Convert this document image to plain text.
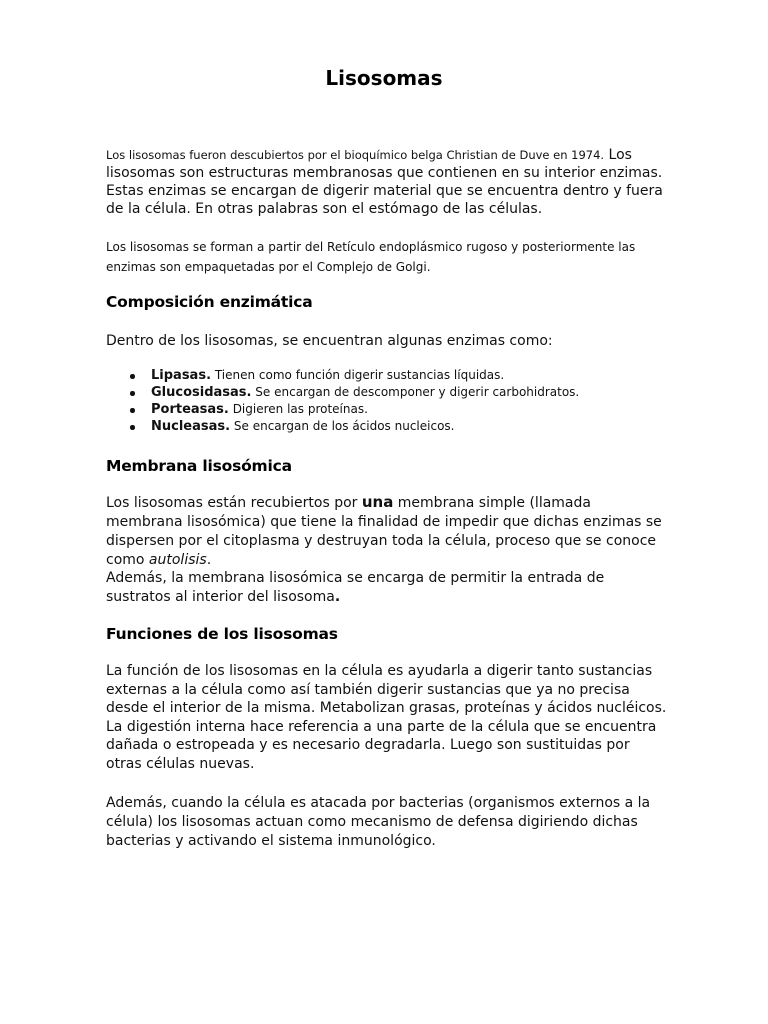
Lisosomas

Los lisosomas fueron descubiertos por el bioquímico belga Christian de Duve en 1974. Los lisosomas son estructuras membranosas que contienen en su interior enzimas. Estas enzimas se encargan de digerir material que se encuentra dentro y fuera de la célula. En otras palabras son el estómago de las células.

Los lisosomas se forman a partir del Retículo endoplásmico rugoso y posteriormente las enzimas son empaquetadas por el Complejo de Golgi.

Composición enzimática

Dentro de los lisosomas, se encuentran algunas enzimas como:

Lipasas. Tienen como función digerir sustancias líquidas.
Glucosidasas. Se encargan de descomponer y digerir carbohidratos.
Porteasas. Digieren las proteínas.
Nucleasas. Se encargan de los ácidos nucleicos.
Membrana lisosómica

Los lisosomas están recubiertos por una membrana simple (llamada membrana lisosómica) que tiene la finalidad de impedir que dichas enzimas se dispersen por el citoplasma y destruyan toda la célula, proceso que se conoce como autolisis.

Además, la membrana lisosómica se encarga de permitir la entrada de sustratos al interior del lisosoma.

Funciones de los lisosomas

La función de los lisosomas en la célula es ayudarla a digerir tanto sustancias externas a la célula como así también digerir sustancias que ya no precisa desde el interior de la misma. Metabolizan grasas, proteínas y ácidos nucléicos. La digestión interna hace referencia a una parte de la célula que se encuentra dañada o estropeada y es necesario degradarla. Luego son sustituidas por otras células nuevas.

Además, cuando la célula es atacada por bacterias (organismos externos a la célula) los lisosomas actuan como mecanismo de defensa digiriendo dichas bacterias y activando el sistema inmunológico.
